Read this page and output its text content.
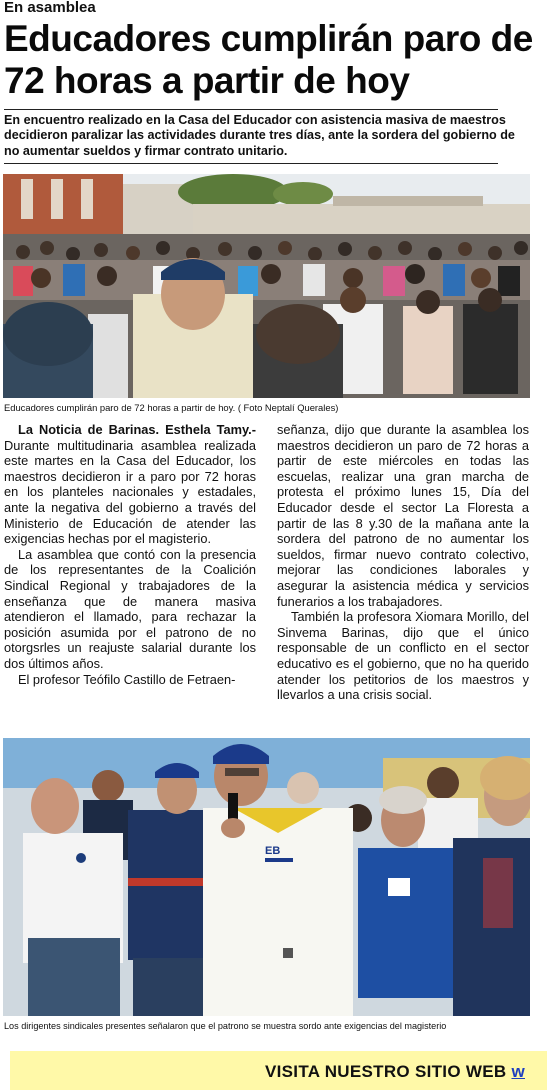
En asamblea
Educadores cumplirán paro de 72 horas a partir de hoy
En encuentro realizado en la Casa del Educador con asistencia masiva de maestros decidieron paralizar las actividades durante tres días, ante la sordera del gobierno de no aumentar sueldos y firmar contrato unitario.
Educadores cumplirán paro de 72 horas a partir de hoy. ( Foto Neptalí Querales)

La Noticia de Barinas. Esthela Tamy.- Durante multitudinaria asamblea realizada este martes en la Casa del Educador, los maestros decidieron ir a paro por 72 horas en los planteles nacionales y estadales, ante la negativa del gobierno a través del Ministerio de Educación de atender las exigencias hechas por el magisterio.

La asamblea que contó con la presencia de los representantes de la Coalición Sindical Regional y trabajadores de la enseñanza que de manera masiva atendieron el llamado, para rechazar la posición asumida por el patrono de no otorgsrles un reajuste salarial durante los dos últimos años.

El profesor Teófilo Castillo de Fetraen-

señanza, dijo que durante la asamblea los maestros decidieron un paro de 72 horas a partir de este miércoles en todas las escuelas, realizar una gran marcha de protesta el próximo lunes 15, Día del Educador desde el sector La Floresta a partir de las 8 y.30 de la mañana ante la sordera del patrono de no aumentar los sueldos, firmar nuevo contrato colectivo, mejorar las condiciones laborales y asegurar la asistencia médica y servicios funerarios a los trabajadores.

También la profesora Xiomara Morillo, del Sinvema Barinas, dijo que el único responsable de un conflicto en el sector educativo es el gobierno, que no ha querido atender los petitorios de los maestros y llevarlos a una crisis social.

EB
Los dirigentes sindicales presentes señalaron que el patrono se muestra sordo ante exigencias del magisterio
VISITA NUESTRO SITIO WEB w
